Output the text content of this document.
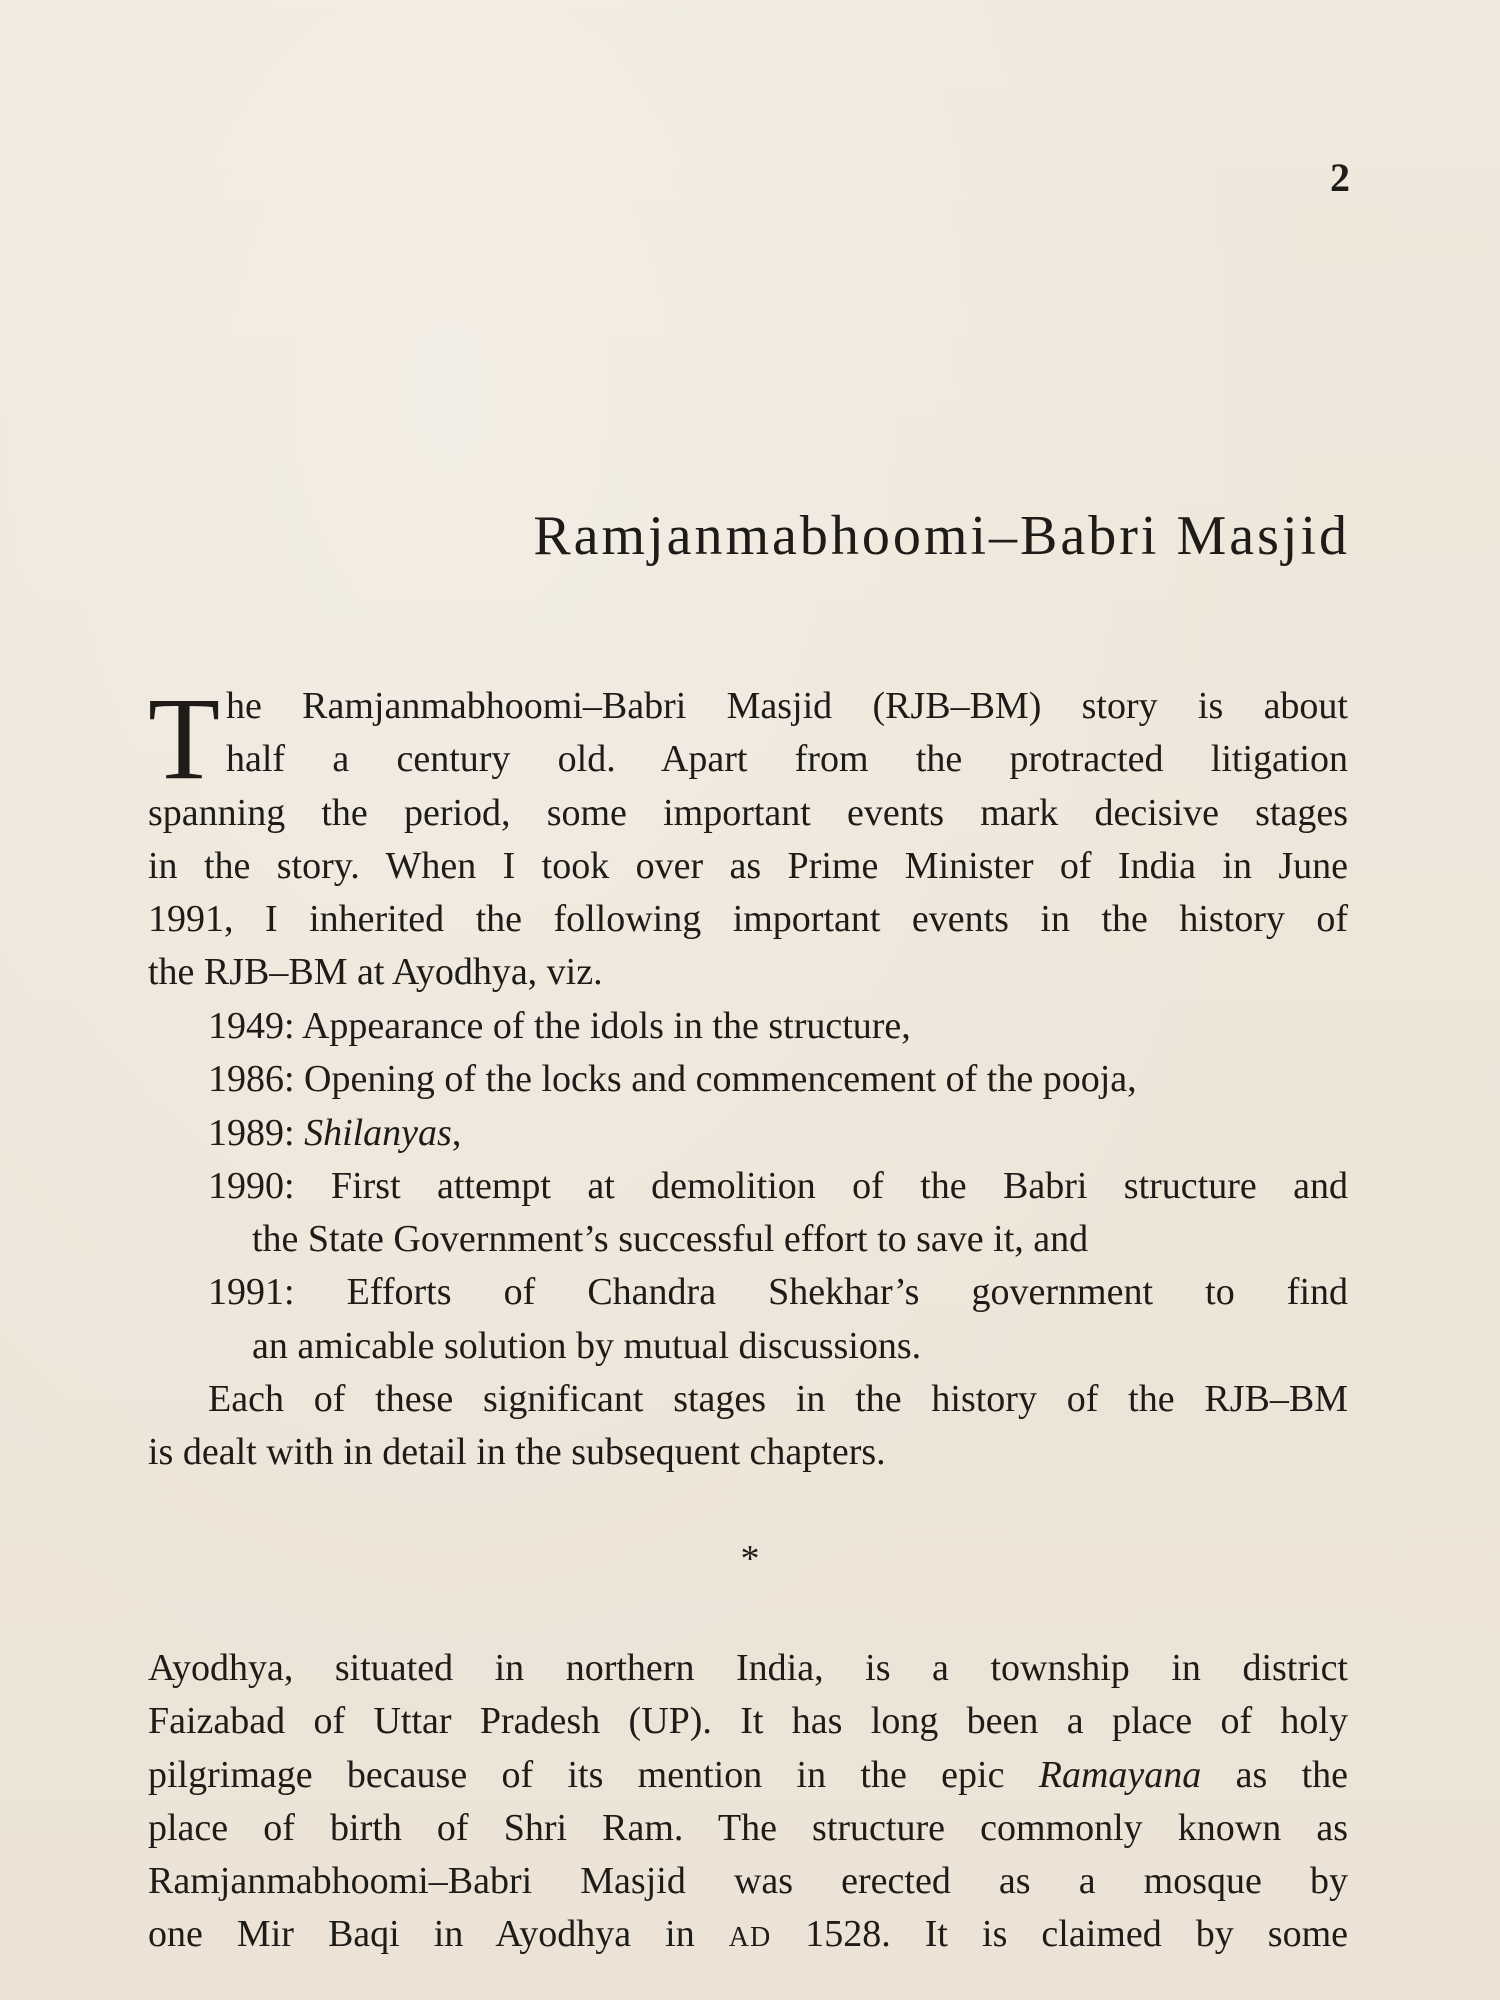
2
Ramjanmabhoomi–Babri Masjid
T he Ramjanmabhoomi–Babri Masjid (RJB–BM) story is about
half a century old. Apart from the protracted litigation
spanning the period, some important events mark decisive stages
in the story. When I took over as Prime Minister of India in June
1991, I inherited the following important events in the history of
the RJB–BM at Ayodhya, viz.
1949: Appearance of the idols in the structure,
1986: Opening of the locks and commencement of the pooja,
1989: Shilanyas,
1990: First attempt at demolition of the Babri structure and
the State Government’s successful effort to save it, and
1991: Efforts of Chandra Shekhar’s government to find
an amicable solution by mutual discussions.
Each of these significant stages in the history of the RJB–BM
is dealt with in detail in the subsequent chapters.
*
Ayodhya, situated in northern India, is a township in district
Faizabad of Uttar Pradesh (UP). It has long been a place of holy
pilgrimage because of its mention in the epic Ramayana as the
place of birth of Shri Ram. The structure commonly known as
Ramjanmabhoomi–Babri Masjid was erected as a mosque by
one Mir Baqi in Ayodhya in AD 1528. It is claimed by some
